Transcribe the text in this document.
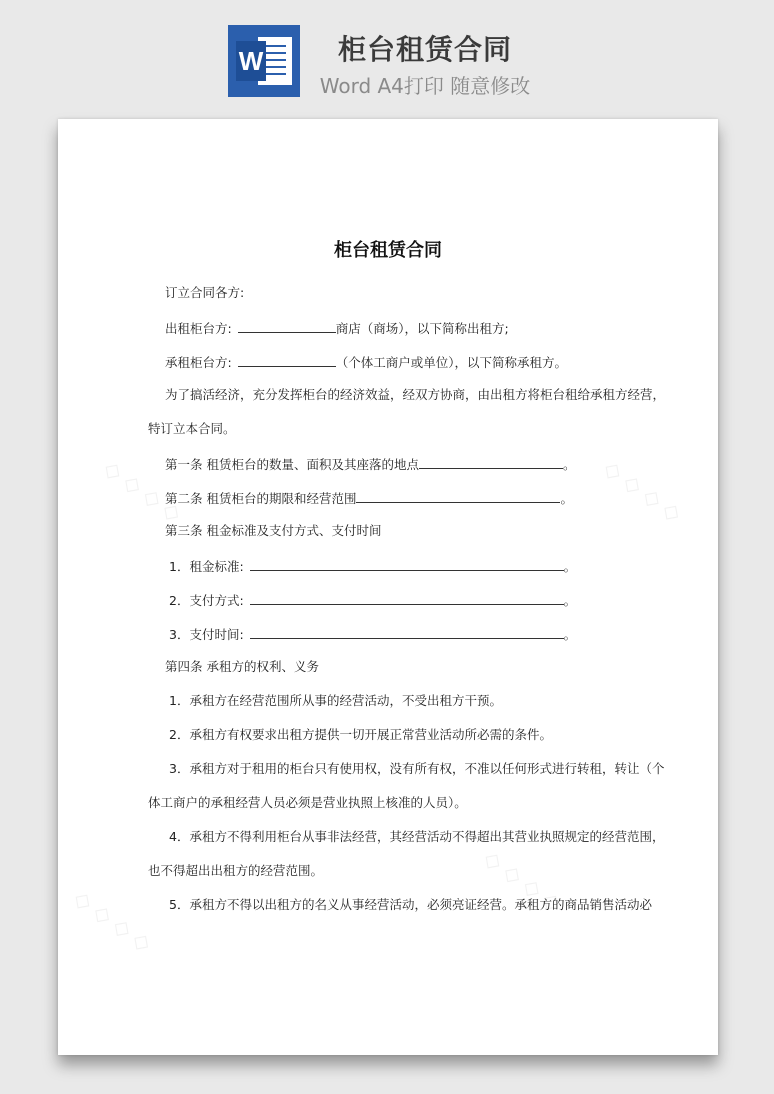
W	柜台租赁合同
Word A4打印 随意修改
◇ ◇ ◇ ◇	◇ ◇ ◇ ◇
◇ ◇ ◇ ◇
◇ ◇ ◇ ◇
柜台租赁合同
订立合同各方:
出租柜台方:	商店（商场），以下简称出租方;
承租柜台方:	（个体工商户或单位），以下简称承租方。
为了搞活经济，充分发挥柜台的经济效益，经双方协商，由出租方将柜台租给承租方经营，
特订立本合同。
第一条 租赁柜台的数量、面积及其座落的地点	。
第二条 租赁柜台的期限和经营范围	。
第三条 租金标准及支付方式、支付时间
1．租金标准:	。
2．支付方式:	。
3．支付时间:	。
第四条 承租方的权利、义务
1．承租方在经营范围所从事的经营活动，不受出租方干预。
2．承租方有权要求出租方提供一切开展正常营业活动所必需的条件。
3．承租方对于租用的柜台只有使用权，没有所有权，不准以任何形式进行转租，转让（个
体工商户的承租经营人员必须是营业执照上核准的人员）。
4．承租方不得利用柜台从事非法经营，其经营活动不得超出其营业执照规定的经营范围，
也不得超出出租方的经营范围。
5．承租方不得以出租方的名义从事经营活动，必须亮证经营。承租方的商品销售活动必
